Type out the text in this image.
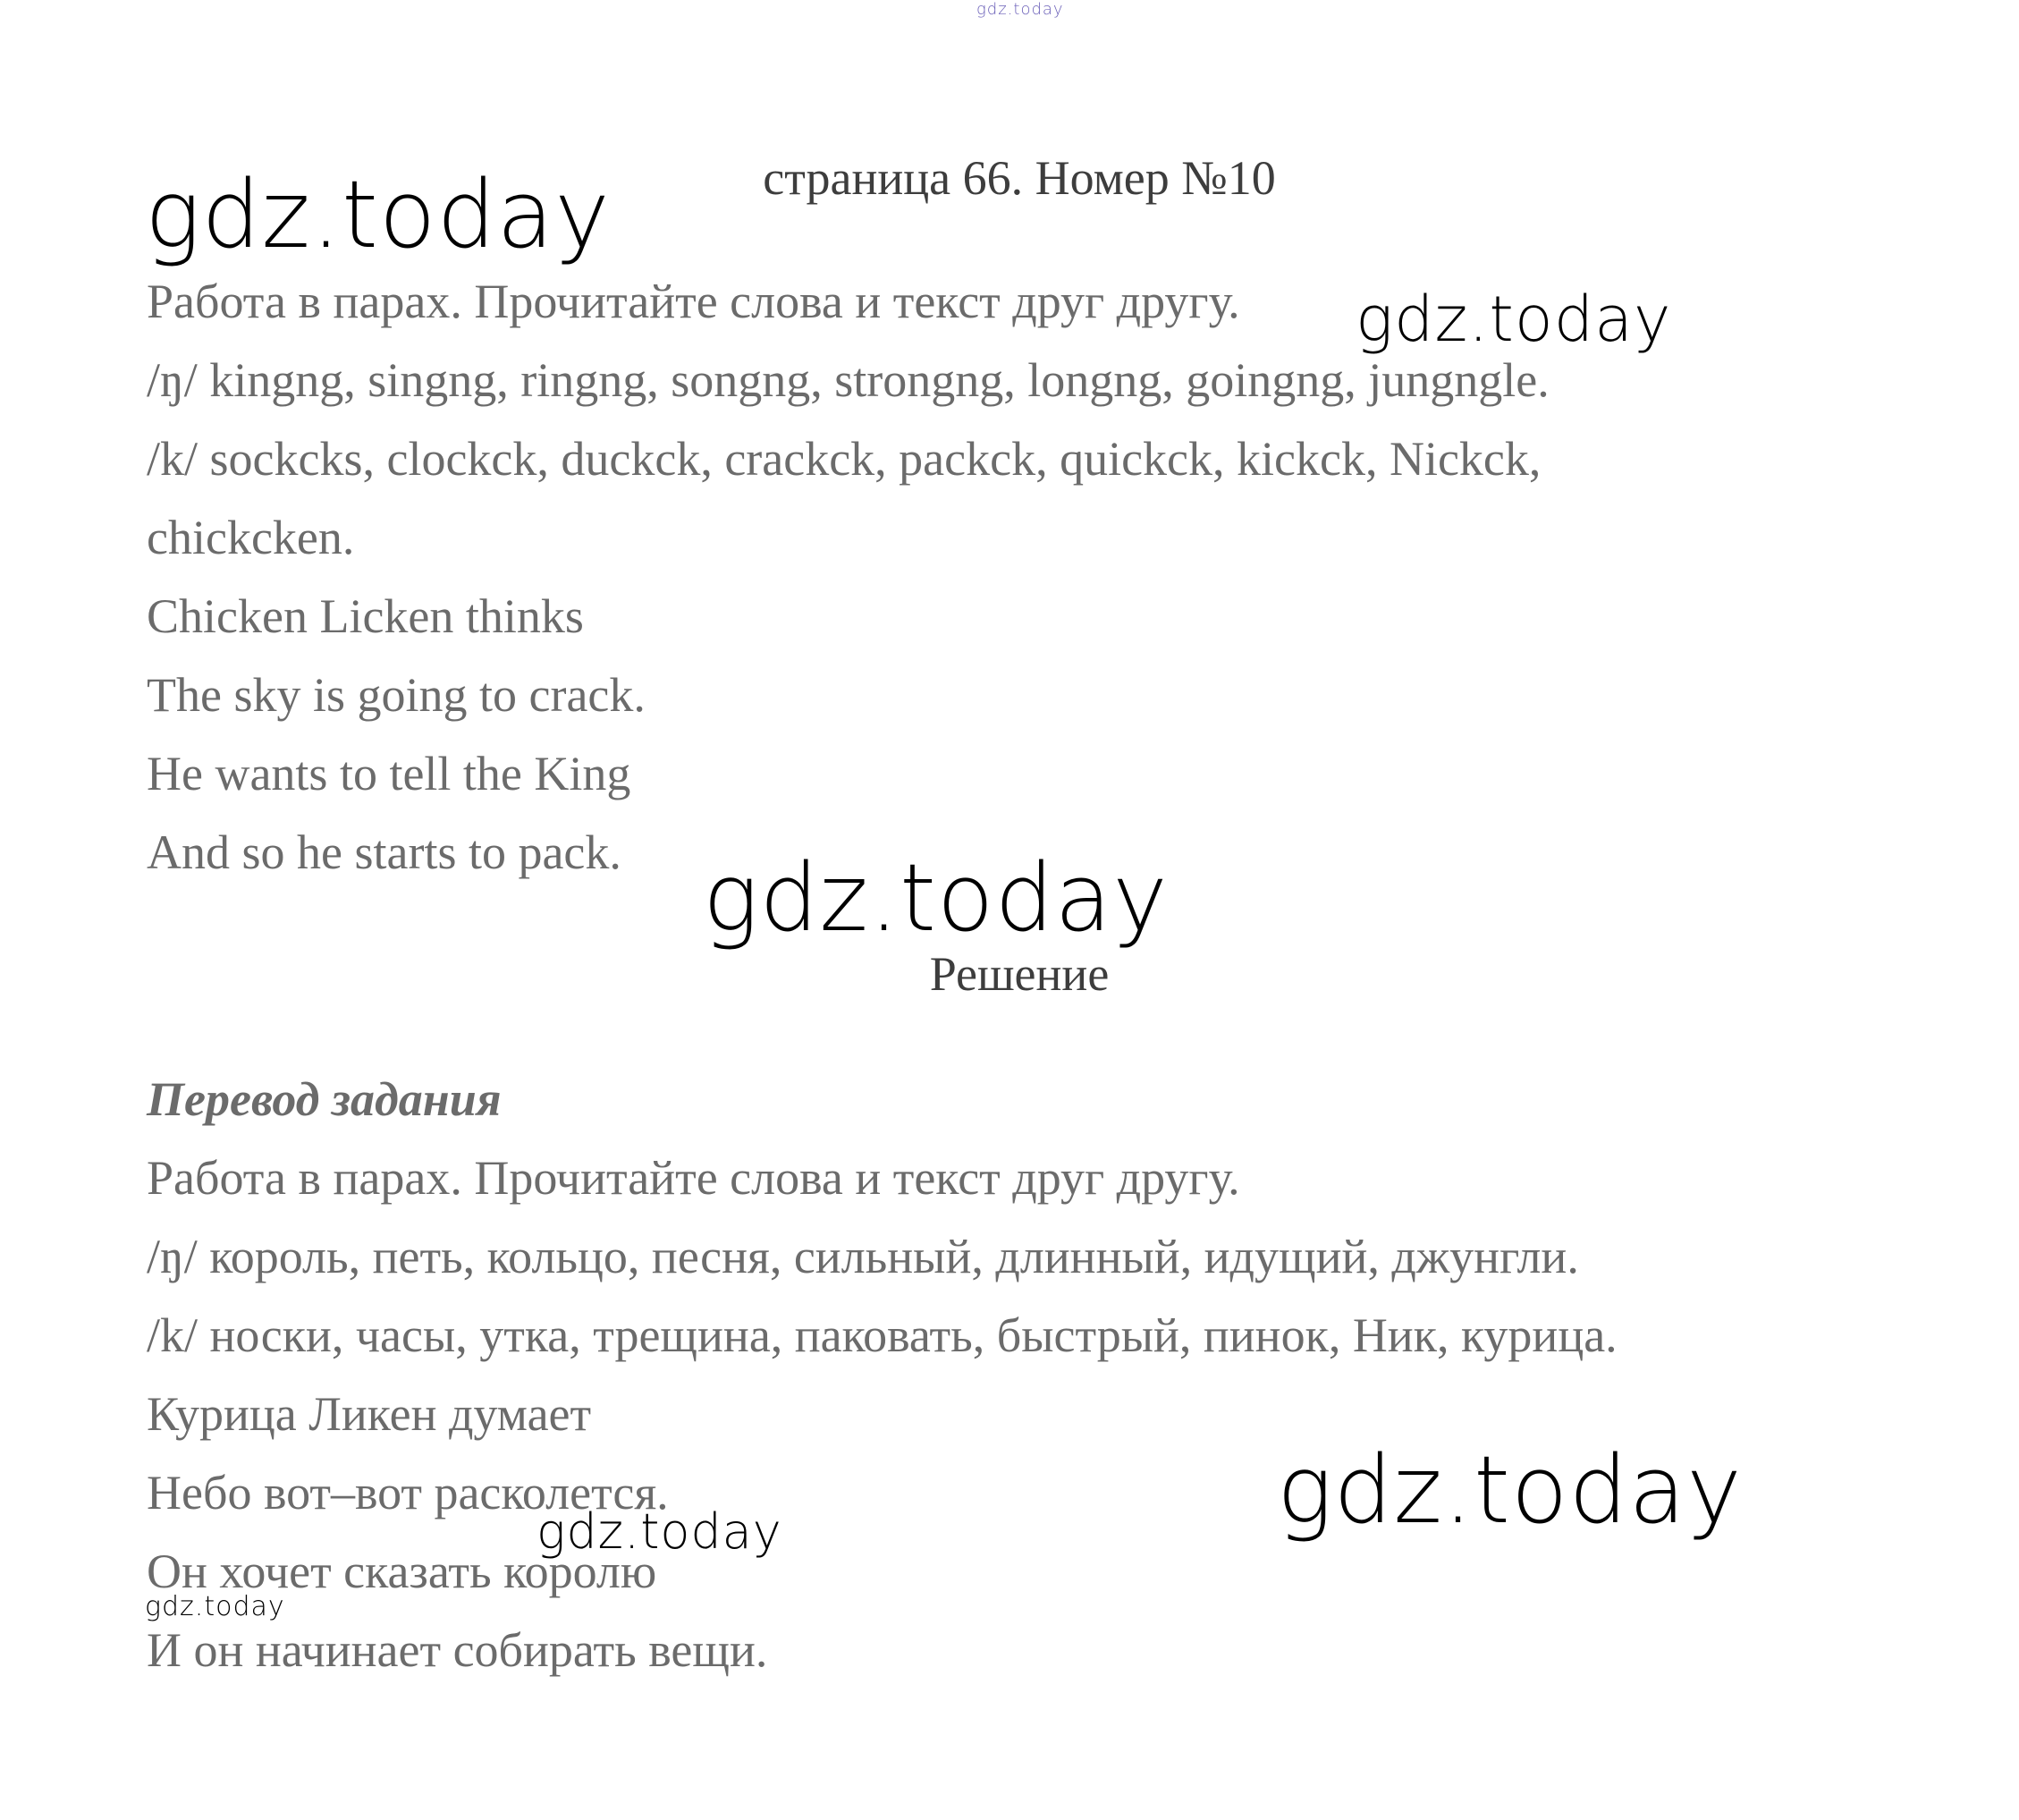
страница 66. Номер №10
Работа в парах. Прочитайте слова и текст друг другу.
/ŋ/ kingng, singng, ringng, songng, strongng, longng, goingng, jungngle.
/k/ sockcks, clockck, duckck, crackck, packck, quickck, kickck, Nickck,
chickcken.
Chicken Licken thinks
The sky is going to crack.
He wants to tell the King
And so he starts to pack.
Решение
Перевод задания
Работа в парах. Прочитайте слова и текст друг другу.
/ŋ/ король, петь, кольцо, песня, сильный, длинный, идущий, джунгли.
/k/ носки, часы, утка, трещина, паковать, быстрый, пинок, Ник, курица.
Курица Ликен думает
Небо вот–вот расколется.
Он хочет сказать королю
И он начинает собирать вещи.
gdz.today
gdz.today
gdz.today
gdz.today
gdz.today
gdz.today
gdz.today
